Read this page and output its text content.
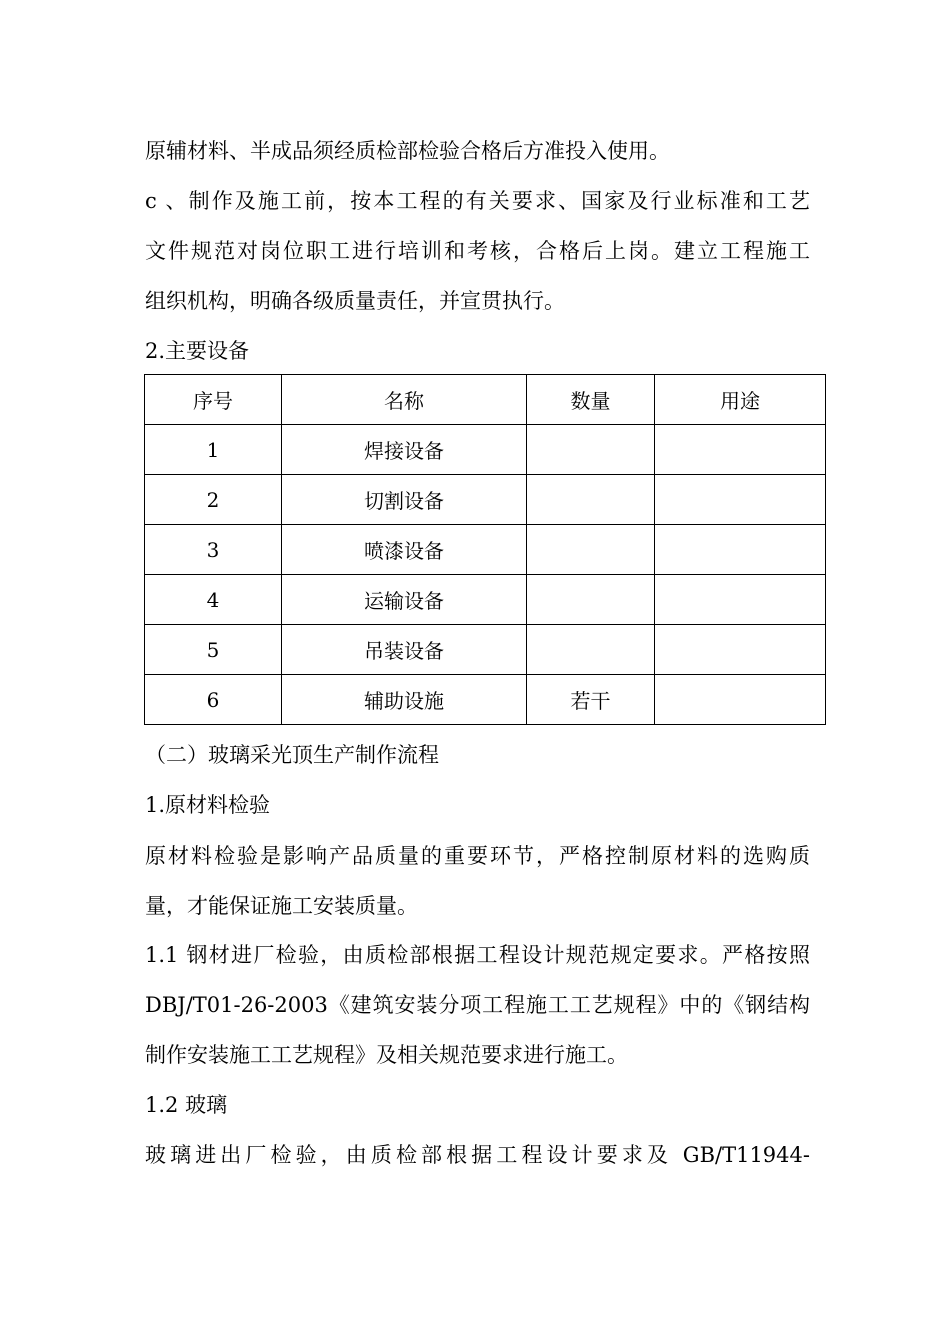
原辅材料、半成品须经质检部检验合格后方准投入使用。
c 、制作及施工前，按本工程的有关要求、国家及行业标准和工艺
文件规范对岗位职工进行培训和考核，合格后上岗。建立工程施工
组织机构，明确各级质量责任，并宣贯执行。
2.主要设备
序号	名称	数量	用途
1	焊接设备		
2	切割设备		
3	喷漆设备		
4	运输设备		
5	吊装设备		
6	辅助设施	若干	
（二）玻璃采光顶生产制作流程
1.原材料检验
原材料检验是影响产品质量的重要环节，严格控制原材料的选购质
量，才能保证施工安装质量。
1.1 钢材进厂检验，由质检部根据工程设计规范规定要求。严格按照
DBJ/T01-26-2003《建筑安装分项工程施工工艺规程》中的《钢结构
制作安装施工工艺规程》及相关规范要求进行施工。
1.2 玻璃
玻璃进出厂检验，由质检部根据工程设计要求及 GB/T11944-
